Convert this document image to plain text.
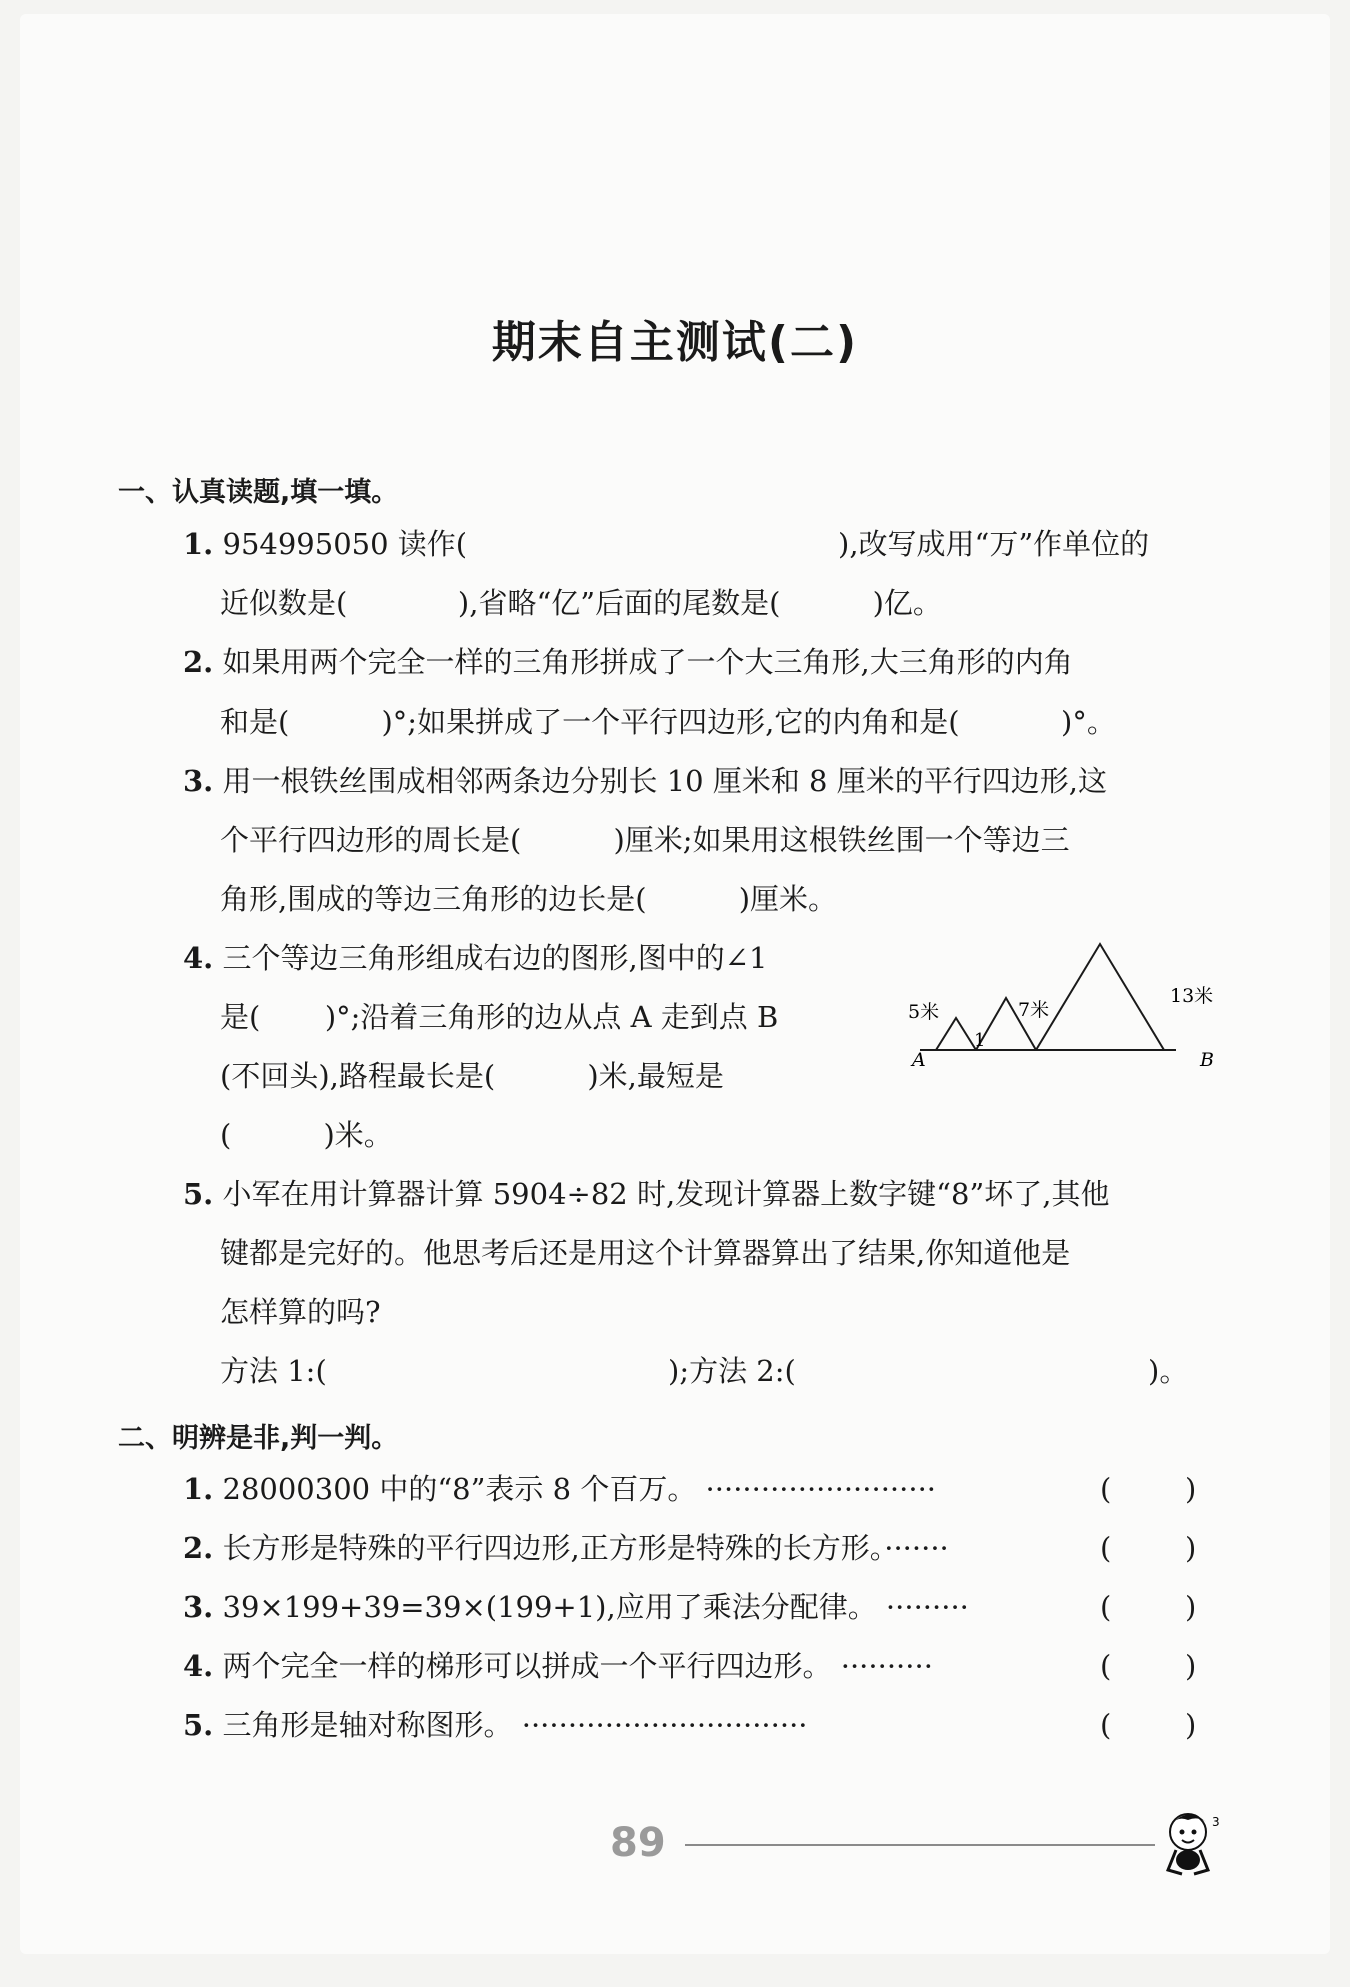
期末自主测试(二)
一、认真读题,填一填。
1. 954995050 读作(	),改写成用“万”作单位的
近似数是(            ),省略“亿”后面的尾数是(          )亿。
2. 如果用两个完全一样的三角形拼成了一个大三角形,大三角形的内角
和是(          )°;如果拼成了一个平行四边形,它的内角和是(           )°。
3. 用一根铁丝围成相邻两条边分别长 10 厘米和 8 厘米的平行四边形,这
个平行四边形的周长是(          )厘米;如果用这根铁丝围一个等边三
角形,围成的等边三角形的边长是(          )厘米。
4. 三个等边三角形组成右边的图形,图中的∠1
是(       )°;沿着三角形的边从点 A 走到点 B
(不回头),路程最长是(          )米,最短是
(          )米。
5米	7米
13米
1
A	B
5. 小军在用计算器计算 5904÷82 时,发现计算器上数字键“8”坏了,其他
键都是完好的。他思考后还是用这个计算器算出了结果,你知道他是
怎样算的吗?
方法 1:(	);方法 2:(	)。
二、明辨是非,判一判。
1. 28000300 中的“8”表示 8 个百万。 ·························	(        )
2. 长方形是特殊的平行四边形,正方形是特殊的长方形。·······	(        )
3. 39×199+39=39×(199+1),应用了乘法分配律。 ·········	(        )
4. 两个完全一样的梯形可以拼成一个平行四边形。 ··········	(        )
5. 三角形是轴对称图形。 ·······························	(        )
89	3
